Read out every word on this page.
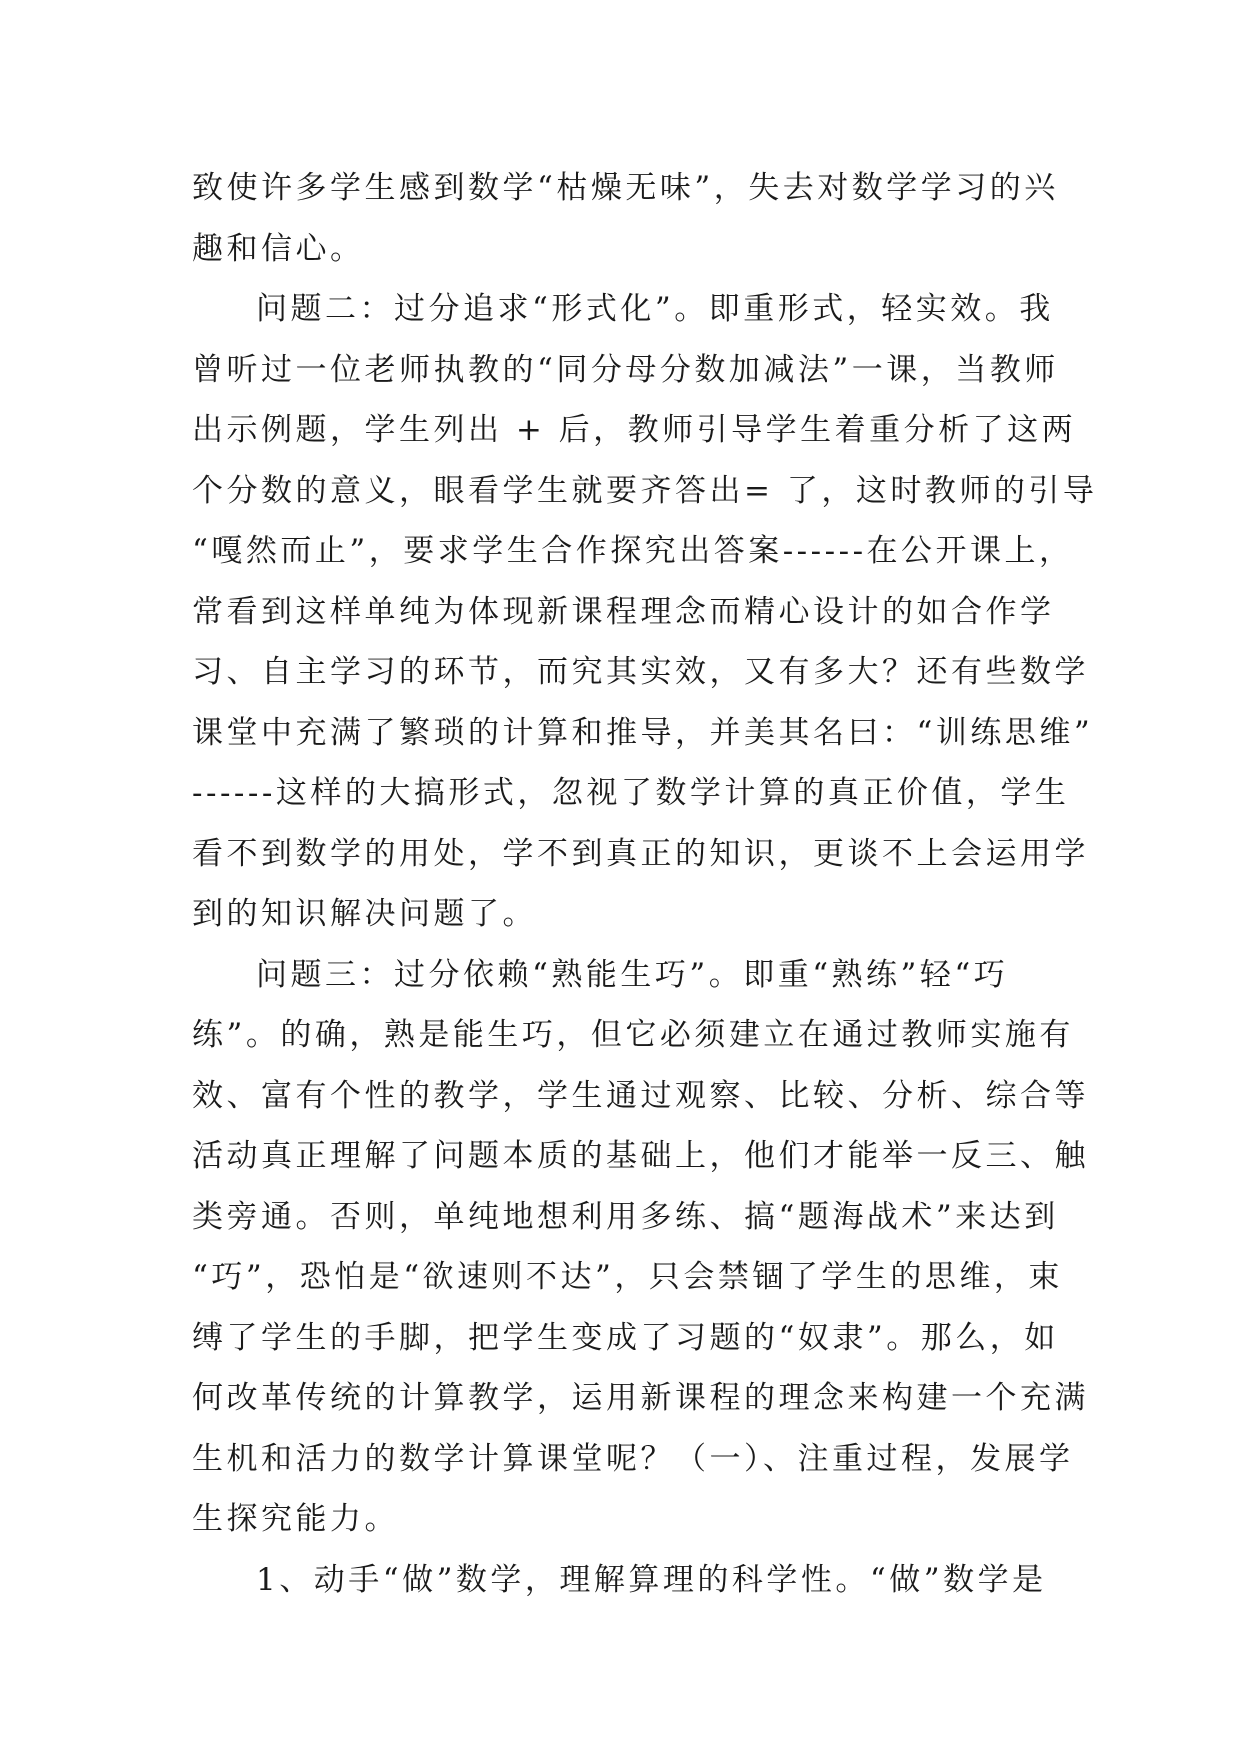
致使许多学生感到数学“枯燥无味”，失去对数学学习的兴
趣和信心。
问题二：过分追求“形式化”。即重形式，轻实效。我
曾听过一位老师执教的“同分母分数加减法”一课，当教师
出示例题，学生列出 + 后，教师引导学生着重分析了这两
个分数的意义，眼看学生就要齐答出= 了，这时教师的引导
“嘎然而止”，要求学生合作探究出答案------在公开课上，
常看到这样单纯为体现新课程理念而精心设计的如合作学
习、自主学习的环节，而究其实效，又有多大？还有些数学
课堂中充满了繁琐的计算和推导，并美其名曰：“训练思维”
------这样的大搞形式，忽视了数学计算的真正价值，学生
看不到数学的用处，学不到真正的知识，更谈不上会运用学
到的知识解决问题了。
问题三：过分依赖“熟能生巧”。即重“熟练”轻“巧
练”。的确，熟是能生巧，但它必须建立在通过教师实施有
效、富有个性的教学，学生通过观察、比较、分析、综合等
活动真正理解了问题本质的基础上，他们才能举一反三、触
类旁通。否则，单纯地想利用多练、搞“题海战术”来达到
“巧”，恐怕是“欲速则不达”，只会禁锢了学生的思维，束
缚了学生的手脚，把学生变成了习题的“奴隶”。那么，如
何改革传统的计算教学，运用新课程的理念来构建一个充满
生机和活力的数学计算课堂呢？（一）、注重过程，发展学
生探究能力。
1、动手“做”数学，理解算理的科学性。“做”数学是
